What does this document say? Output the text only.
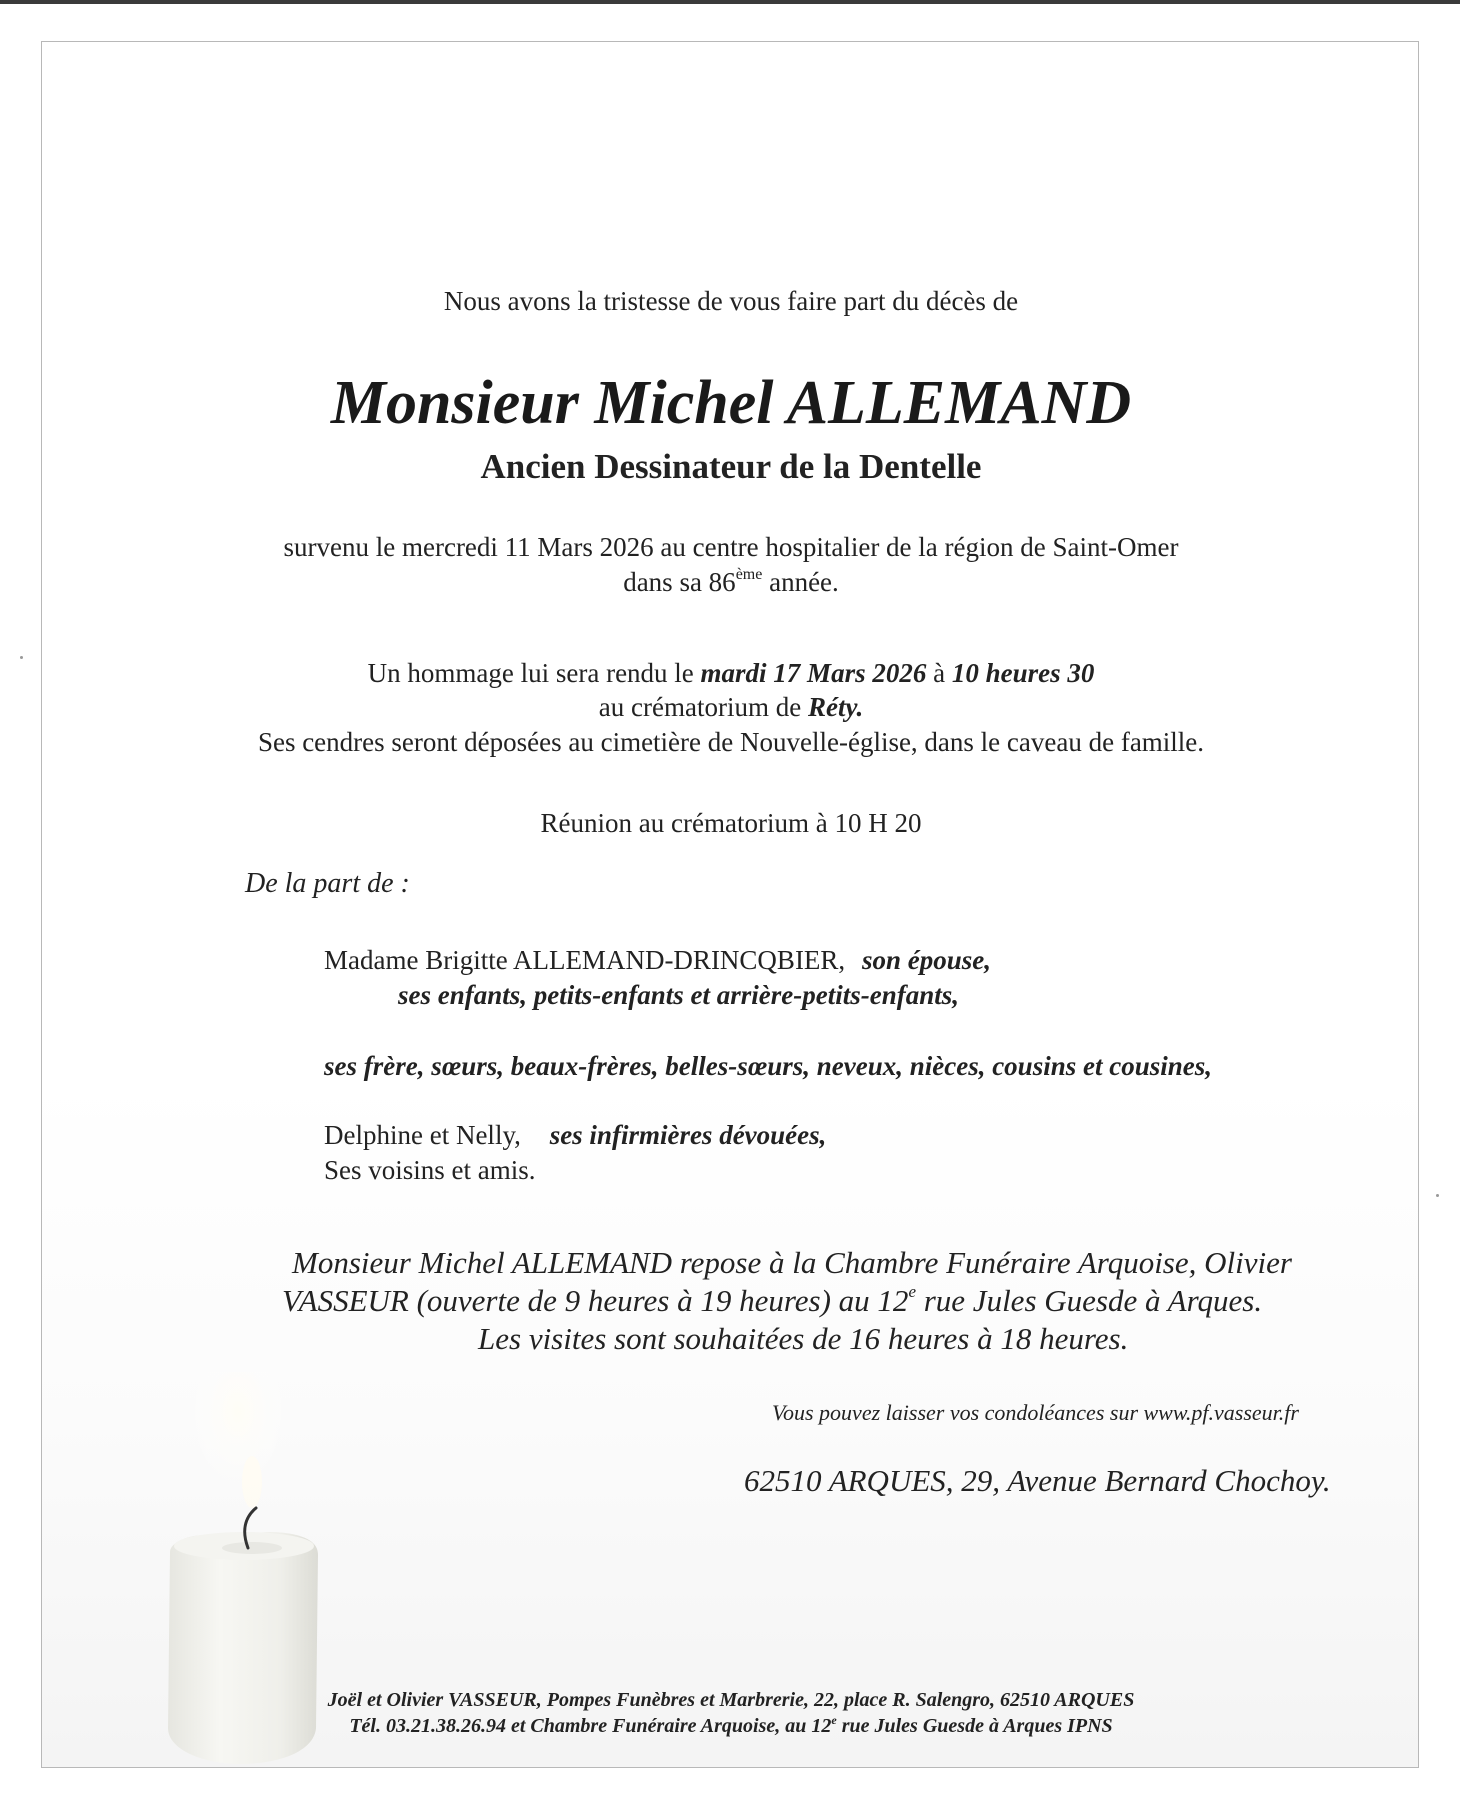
Nous avons la tristesse de vous faire part du décès de
Monsieur Michel ALLEMAND
Ancien Dessinateur de la Dentelle
survenu le mercredi 11 Mars 2026 au centre hospitalier de la région de Saint-Omer
dans sa 86ème année.
Un hommage lui sera rendu le mardi 17 Mars 2026 à 10 heures 30
au crématorium de Réty.
Ses cendres seront déposées au cimetière de Nouvelle-église, dans le caveau de famille.
Réunion au crématorium à 10 H 20
De la part de :
Madame Brigitte ALLEMAND-DRINCQBIER, son épouse,
ses enfants, petits-enfants et arrière-petits-enfants,
ses frère, sœurs, beaux-frères, belles-sœurs, neveux, nièces, cousins et cousines,
Delphine et Nelly, ses infirmières dévouées,
Ses voisins et amis.
Monsieur Michel ALLEMAND repose à la Chambre Funéraire Arquoise, Olivier
VASSEUR (ouverte de 9 heures à 19 heures) au 12e rue Jules Guesde à Arques.
Les visites sont souhaitées de 16 heures à 18 heures.
Vous pouvez laisser vos condoléances sur www.pf.vasseur.fr
62510 ARQUES, 29, Avenue Bernard Chochoy.
Joël et Olivier VASSEUR, Pompes Funèbres et Marbrerie, 22, place R. Salengro, 62510 ARQUES
Tél. 03.21.38.26.94 et Chambre Funéraire Arquoise, au 12e rue Jules Guesde à Arques IPNS
